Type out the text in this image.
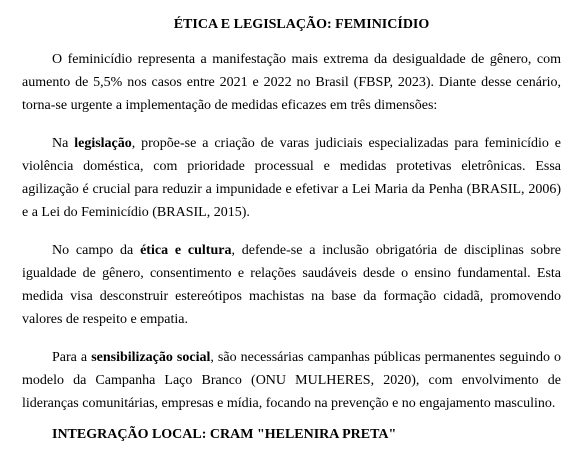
ÉTICA E LEGISLAÇÃO: FEMINICÍDIO

O feminicídio representa a manifestação mais extrema da desigualdade de gênero, com aumento de 5,5% nos casos entre 2021 e 2022 no Brasil (FBSP, 2023). Diante desse cenário, torna-se urgente a implementação de medidas eficazes em três dimensões:

Na legislação, propõe-se a criação de varas judiciais especializadas para feminicídio e violência doméstica, com prioridade processual e medidas protetivas eletrônicas. Essa agilização é crucial para reduzir a impunidade e efetivar a Lei Maria da Penha (BRASIL, 2006) e a Lei do Feminicídio (BRASIL, 2015).

No campo da ética e cultura, defende-se a inclusão obrigatória de disciplinas sobre igualdade de gênero, consentimento e relações saudáveis desde o ensino fundamental. Esta medida visa desconstruir estereótipos machistas na base da formação cidadã, promovendo valores de respeito e empatia.

Para a sensibilização social, são necessárias campanhas públicas permanentes seguindo o modelo da Campanha Laço Branco (ONU MULHERES, 2020), com envolvimento de lideranças comunitárias, empresas e mídia, focando na prevenção e no engajamento masculino.

INTEGRAÇÃO LOCAL: CRAM "HELENIRA PRETA"
